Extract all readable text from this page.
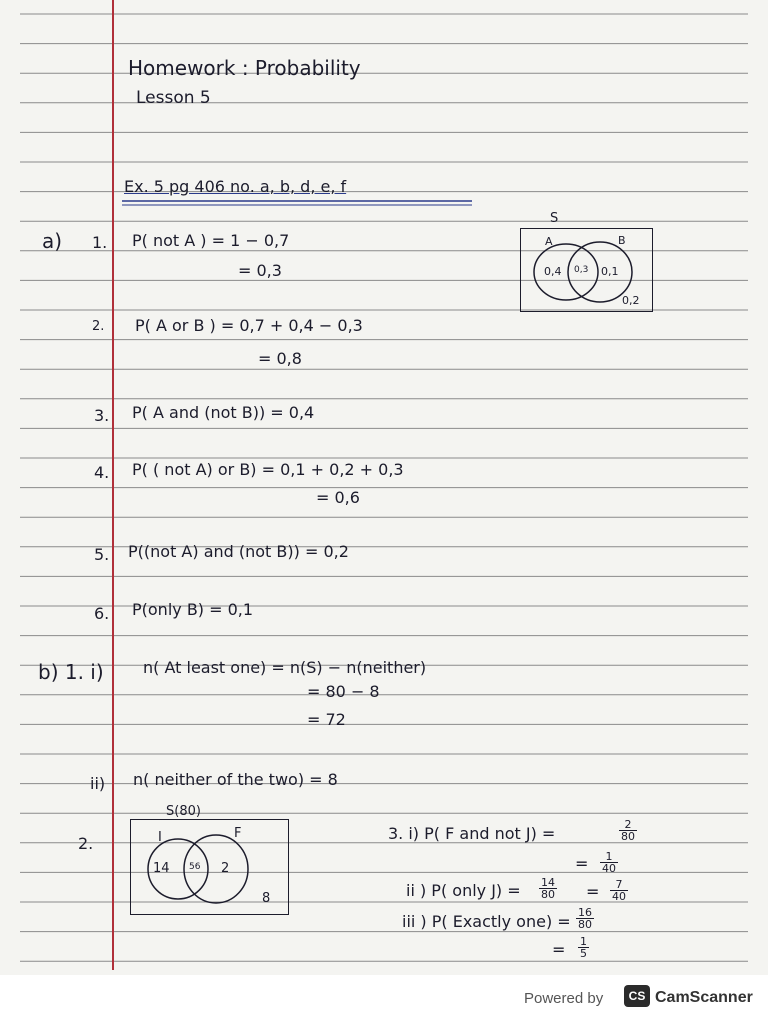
Homework : Probability
Lesson 5
Ex. 5 pg 406 no. a, b, d, e, f
S
A	B
0,4 0,3 0,1
0,2
a) 1. P( not A ) = 1 − 0,7
= 0,3
2. P( A or B ) = 0,7 + 0,4 − 0,3
= 0,8
3. P( A and (not B)) = 0,4
4. P( ( not A) or B) = 0,1 + 0,2 + 0,3
= 0,6
5. P((not A) and (not B)) = 0,2
6. P(only B) = 0,1
b) 1. i) n( At least one) = n(S) − n(neither)
= 80 − 8
= 72
ii) n( neither of the two) = 8
2.
S(80)
I	F
14 56 2
8
3. i) P( F and not J) =	$\frac{2}{80}$
= $\frac{1}{40}$
ii ) P( only $J) = \frac{14}{80} = \frac{7}{40}$
iii ) P( Exactly $one) = \frac{16}{80}$
= $\frac{1}{5}$
Powered by	CS CamScanner
